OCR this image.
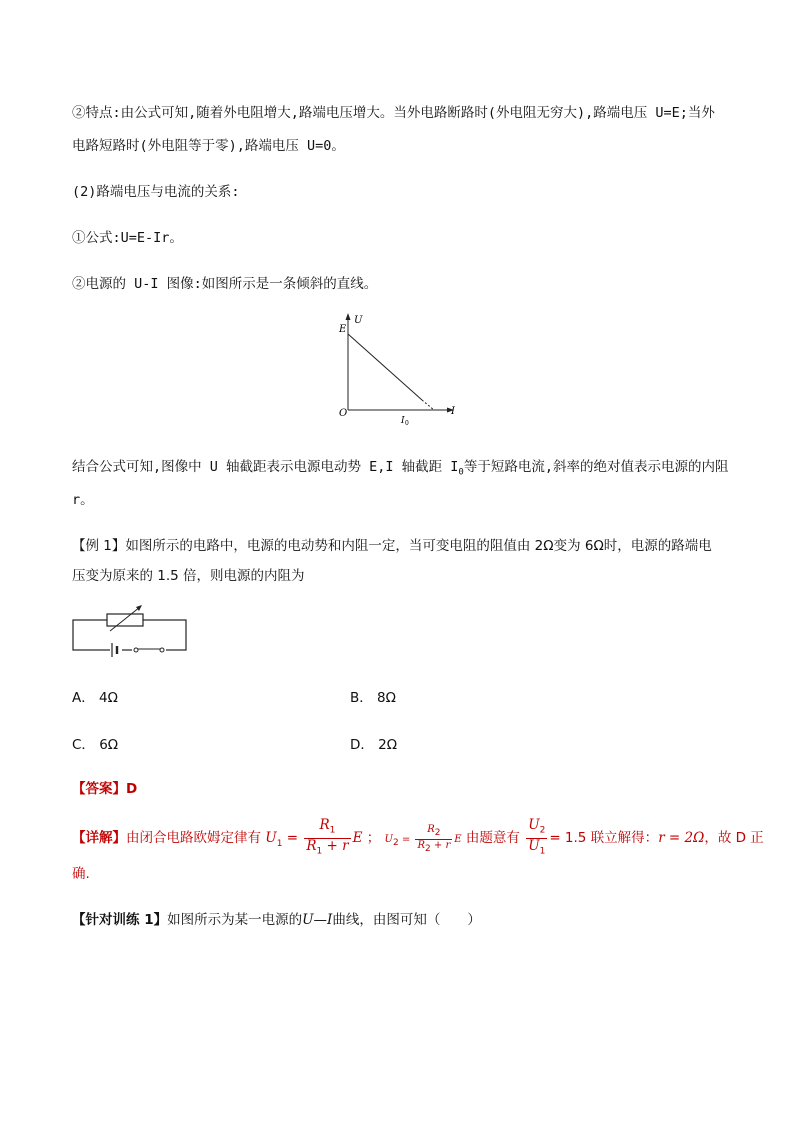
②特点:由公式可知,随着外电阻增大,路端电压增大。当外电路断路时(外电阻无穷大),路端电压 U=E;当外
电路短路时(外电阻等于零),路端电压 U=0。
(2)路端电压与电流的关系:
①公式:U=E-Ir。
②电源的 U-I 图像:如图所示是一条倾斜的直线。
U
E
O	I
I 0
结合公式可知,图像中 U 轴截距表示电源电动势 E,I 轴截距 $I_0$等于短路电流,斜率的绝对值表示电源的内阻
r。
【例 1】如图所示的电路中，电源的电动势和内阻一定，当可变电阻的阻值由 2Ω变为 6Ω时，电源的路端电
压变为原来的 1.5 倍，则电源的内阻为
A． 4Ω	B． 8Ω
C． 6Ω	D． 2Ω
【答案】D
【详解】由闭合电路欧姆定律有 $U_1 = \frac{R_1}{R_1 + r}$ E ； $U_2 = \frac{R_2}{R_2 + r}$ E 由题意有 $\frac{U_2}{U_1} = 1.5$ 联立解得：r = 2Ω，故 D 正
确.
【针对训练 1】如图所示为某一电源的U—I曲线，由图可知（　　）
